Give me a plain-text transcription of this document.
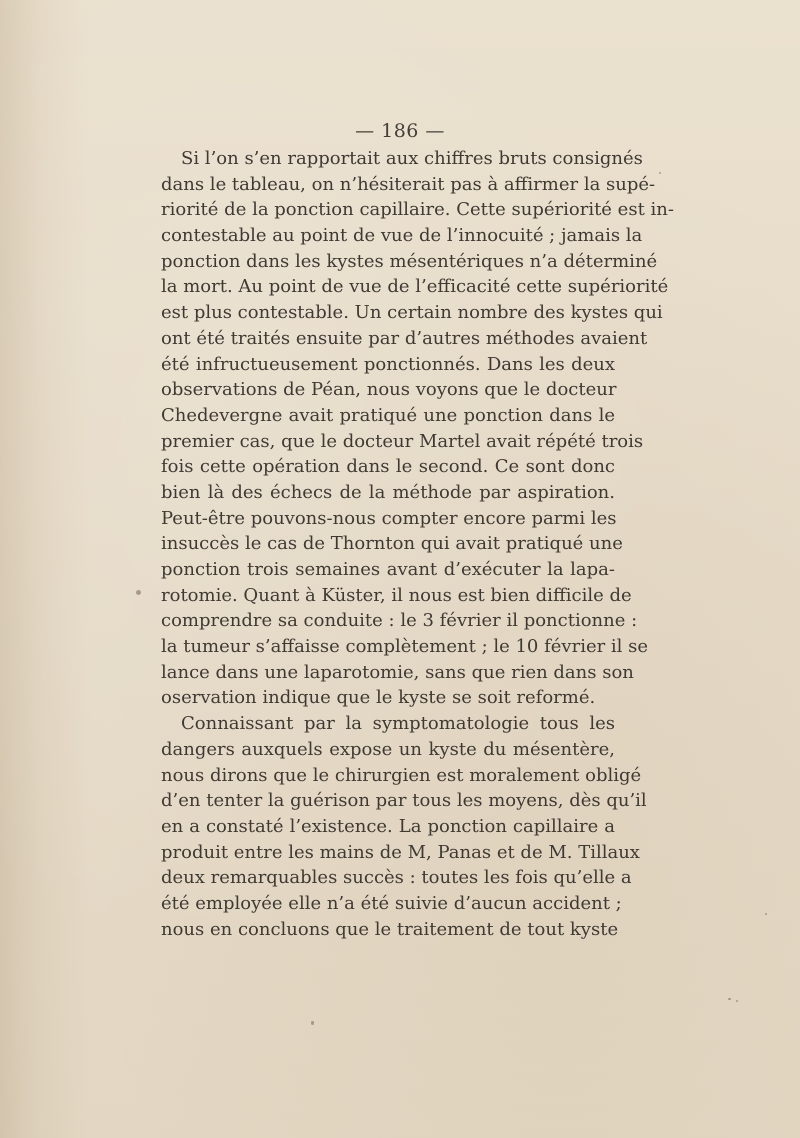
— 186 —
Si l’on s’en rapportait aux chiffres bruts consignés
dans le tableau, on n’hésiterait pas à affirmer la supé-
riorité de la ponction capillaire. Cette supériorité est in-
contestable au point de vue de l’innocuité ; jamais la
ponction dans les kystes mésentériques n’a déterminé
la mort. Au point de vue de l’efficacité cette supériorité
est plus contestable. Un certain nombre des kystes qui
ont été traités ensuite par d’autres méthodes avaient
été infructueusement ponctionnés. Dans les deux
observations de Péan, nous voyons que le docteur
Chedevergne avait pratiqué une ponction dans le
premier cas, que le docteur Martel avait répété trois
fois cette opération dans le second. Ce sont donc
bien là des échecs de la méthode par aspiration.
Peut-être pouvons-nous compter encore parmi les
insuccès le cas de Thornton qui avait pratiqué une
ponction trois semaines avant d’exécuter la lapa-
rotomie. Quant à Küster, il nous est bien difficile de
comprendre sa conduite : le 3 février il ponctionne :
la tumeur s’affaisse complètement ; le 10 février il se
lance dans une laparotomie, sans que rien dans son
oservation indique que le kyste se soit reformé.
Connaissant par la symptomatologie tous les
dangers auxquels expose un kyste du mésentère,
nous dirons que le chirurgien est moralement obligé
d’en tenter la guérison par tous les moyens, dès qu’il
en a constaté l’existence. La ponction capillaire a
produit entre les mains de M, Panas et de M. Tillaux
deux remarquables succès : toutes les fois qu’elle a
été employée elle n’a été suivie d’aucun accident ;
nous en concluons que le traitement de tout kyste
